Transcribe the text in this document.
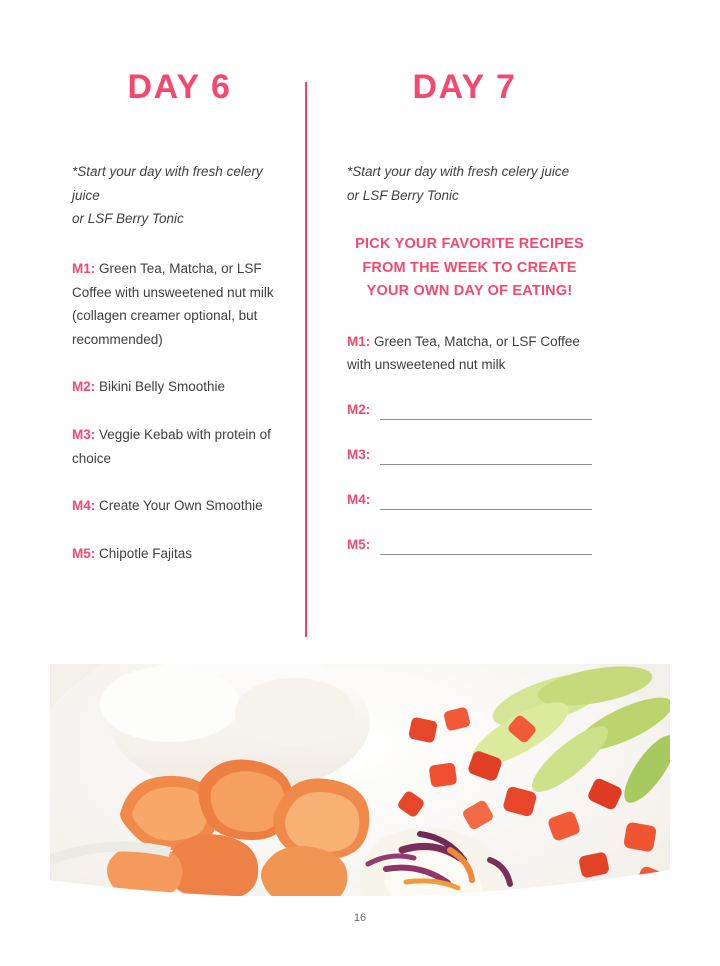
DAY 6

*Start your day with fresh celery juice
or LSF Berry Tonic

M1: Green Tea, Matcha, or LSF Coffee with unsweetened nut milk (collagen creamer optional, but recommended)

M2: Bikini Belly Smoothie

M3: Veggie Kebab with protein of choice

M4: Create Your Own Smoothie

M5: Chipotle Fajitas

DAY 7

*Start your day with fresh celery juice
or LSF Berry Tonic

PICK YOUR FAVORITE RECIPES FROM THE WEEK TO CREATE YOUR OWN DAY OF EATING!

M1: Green Tea, Matcha, or LSF Coffee with unsweetened nut milk

M2:
M3:
M4:
M5:
16
